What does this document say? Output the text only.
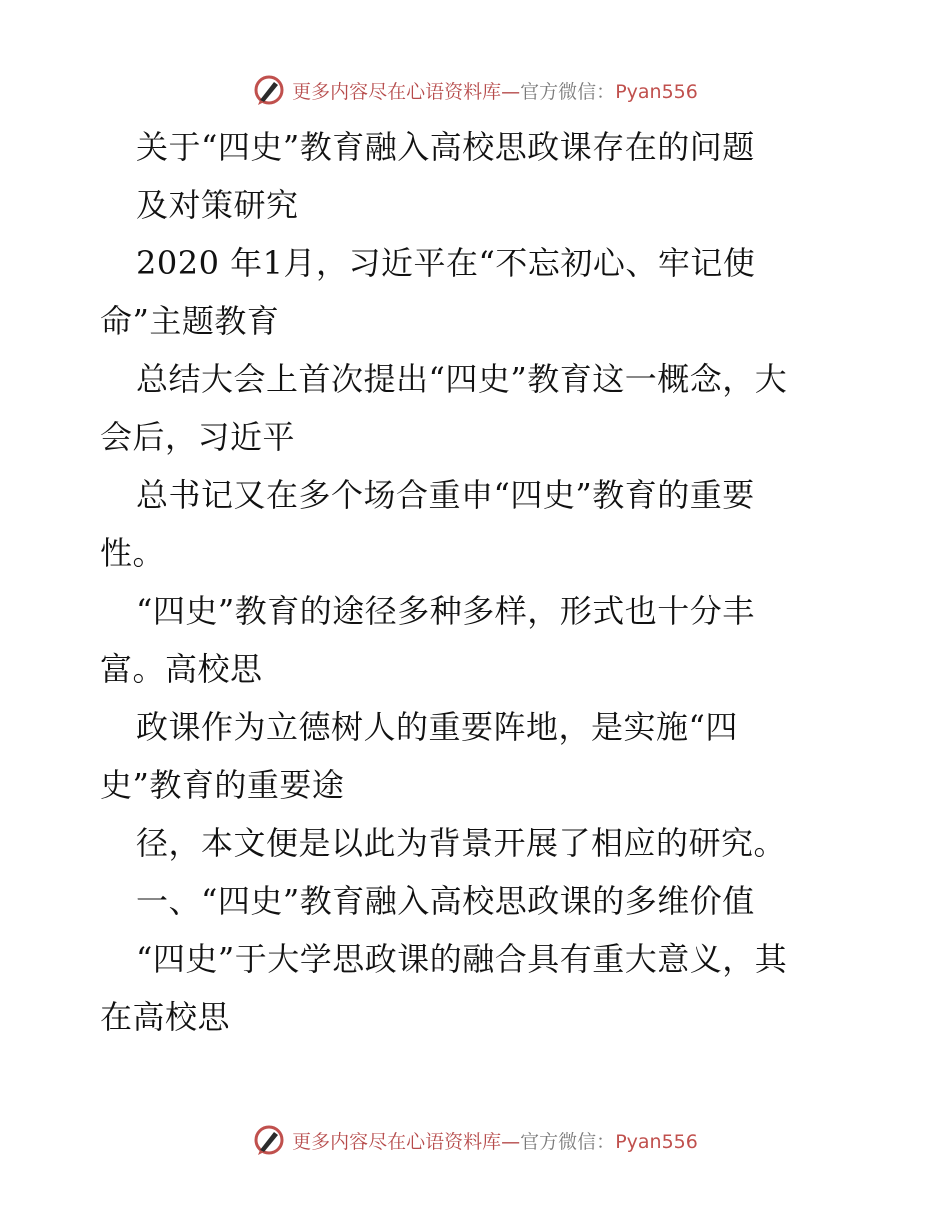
更多内容尽在心语资料库—官方微信：Pyan556
关于“四史”教育融入高校思政课存在的问题
及对策研究
2020 年1月，习近平在“不忘初心、牢记使
命”主题教育
总结大会上首次提出“四史”教育这一概念，大
会后，习近平
总书记又在多个场合重申“四史”教育的重要
性。
“四史”教育的途径多种多样，形式也十分丰
富。高校思
政课作为立德树人的重要阵地，是实施“四
史”教育的重要途
径，本文便是以此为背景开展了相应的研究。
一、“四史”教育融入高校思政课的多维价值
“四史”于大学思政课的融合具有重大意义，其
在高校思
更多内容尽在心语资料库—官方微信：Pyan556
